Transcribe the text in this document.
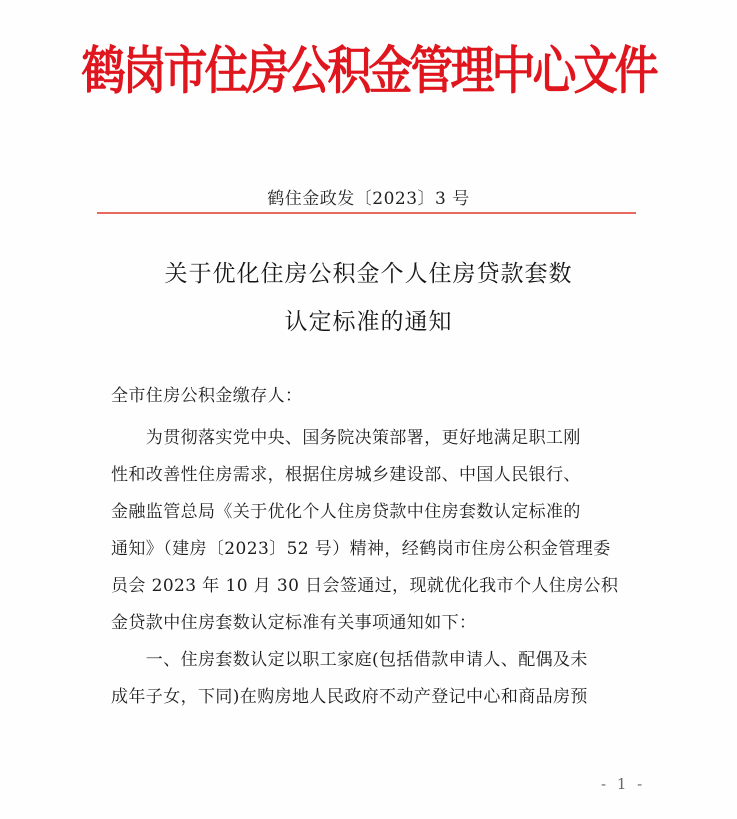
鹤岗市住房公积金管理中心文件
鹤住金政发〔2023〕3 号
关于优化住房公积金个人住房贷款套数
认定标准的通知
全市住房公积金缴存人：
　　为贯彻落实党中央、国务院决策部署，更好地满足职工刚
性和改善性住房需求，根据住房城乡建设部、中国人民银行、
金融监管总局《关于优化个人住房贷款中住房套数认定标准的
通知》（建房〔2023〕52 号）精神，经鹤岗市住房公积金管理委
员会 2023 年 10 月 30 日会签通过，现就优化我市个人住房公积
金贷款中住房套数认定标准有关事项通知如下：
　　一、住房套数认定以职工家庭(包括借款申请人、配偶及未
成年子女，下同)在购房地人民政府不动产登记中心和商品房预
- 1 -
